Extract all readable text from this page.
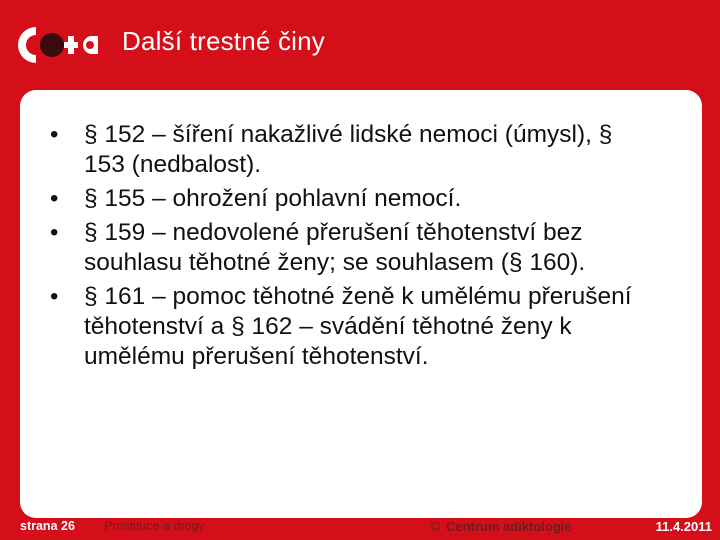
Další trestné činy
• § 152 – šíření nakažlivé lidské nemoci (úmysl), § 153 (nedbalost).
• § 155 – ohrožení pohlavní nemocí.
• § 159 – nedovolené přerušení těhotenství bez souhlasu těhotné ženy; se souhlasem (§ 160).
• § 161 – pomoc těhotné ženě k umělému přerušení těhotenství a § 162 – svádění těhotné ženy k umělému přerušení těhotenství.
strana 26 Prostituce a drogy	© Centrum adiktologie	11.4.2011
